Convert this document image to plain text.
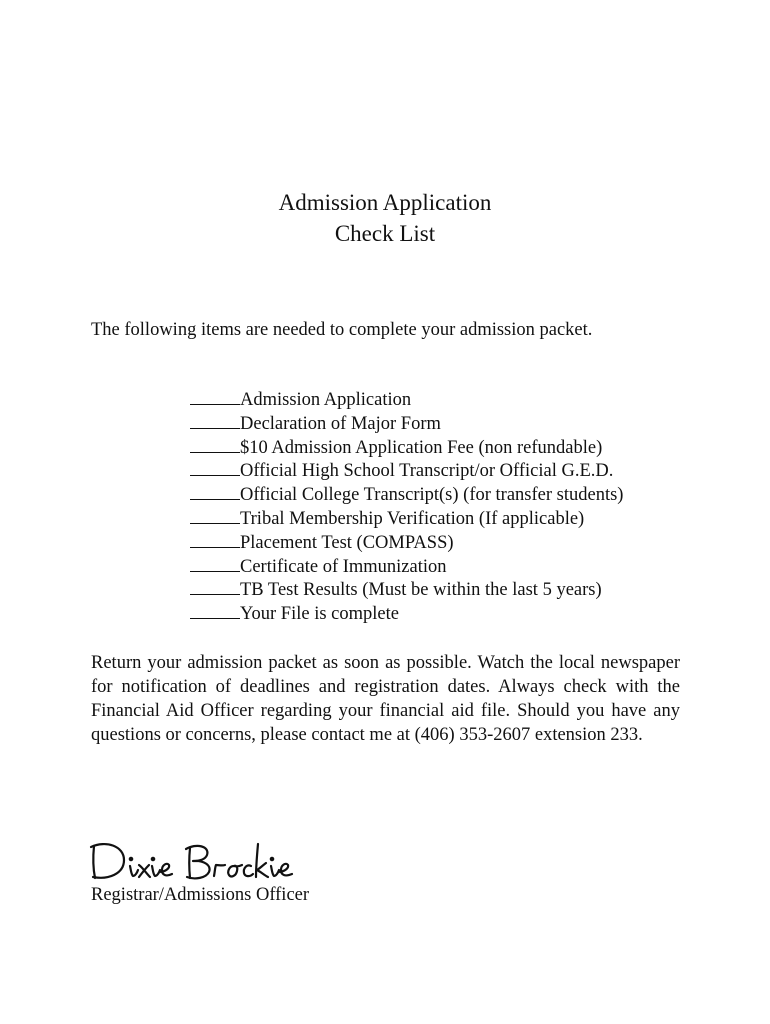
Admission Application
Check List
The following items are needed to complete your admission packet.
Admission Application
Declaration of Major Form
$10 Admission Application Fee (non refundable)
Official High School Transcript/or Official G.E.D.
Official College Transcript(s) (for transfer students)
Tribal Membership Verification (If applicable)
Placement Test (COMPASS)
Certificate of Immunization
TB Test Results (Must be within the last 5 years)
Your File is complete
Return your admission packet as soon as possible. Watch the local newspaper for notification of deadlines and registration dates. Always check with the Financial Aid Officer regarding your financial aid file. Should you have any questions or concerns, please contact me at (406) 353-2607 extension 233.
Registrar/Admissions Officer
